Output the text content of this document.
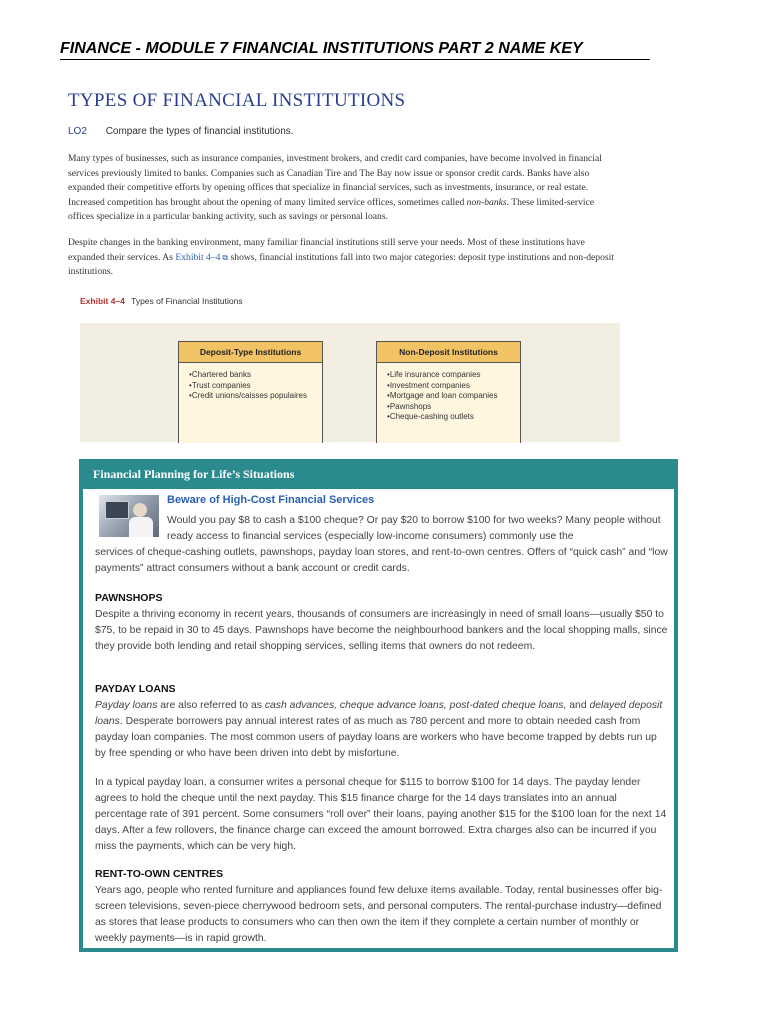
FINANCE - MODULE 7 FINANCIAL INSTITUTIONS PART 2 NAME KEY
TYPES OF FINANCIAL INSTITUTIONS
LO2 Compare the types of financial institutions.
Many types of businesses, such as insurance companies, investment brokers, and credit card companies, have become involved in financial services previously limited to banks. Companies such as Canadian Tire and The Bay now issue or sponsor credit cards. Banks have also expanded their competitive efforts by opening offices that specialize in financial services, such as investments, insurance, or real estate. Increased competition has brought about the opening of many limited service offices, sometimes called non-banks. These limited-service offices specialize in a particular banking activity, such as savings or personal loans.
Despite changes in the banking environment, many familiar financial institutions still serve your needs. Most of these institutions have expanded their services. As Exhibit 4–4 ⧉ shows, financial institutions fall into two major categories: deposit type institutions and non-deposit institutions.
Exhibit 4–4 Types of Financial Institutions
Deposit-Type Institutions
• Chartered banks
• Trust companies
• Credit unions/caisses populaires
Non-Deposit Institutions
• Life insurance companies
• Investment companies
• Mortgage and loan companies
• Pawnshops
• Cheque-cashing outlets
Financial Planning for Life’s Situations
Beware of High-Cost Financial Services
Would you pay $8 to cash a $100 cheque? Or pay $20 to borrow $100 for two weeks? Many people without ready access to financial services (especially low-income consumers) commonly use the
services of cheque-cashing outlets, pawnshops, payday loan stores, and rent-to-own centres. Offers of “quick cash” and “low payments” attract consumers without a bank account or credit cards.
PAWNSHOPS
Despite a thriving economy in recent years, thousands of consumers are increasingly in need of small loans—usually $50 to $75, to be repaid in 30 to 45 days. Pawnshops have become the neighbourhood bankers and the local shopping malls, since they provide both lending and retail shopping services, selling items that owners do not redeem.
PAYDAY LOANS
Payday loans are also referred to as cash advances, cheque advance loans, post-dated cheque loans, and delayed deposit loans. Desperate borrowers pay annual interest rates of as much as 780 percent and more to obtain needed cash from payday loan companies. The most common users of payday loans are workers who have become trapped by debts run up by free spending or who have been driven into debt by misfortune.
In a typical payday loan, a consumer writes a personal cheque for $115 to borrow $100 for 14 days. The payday lender agrees to hold the cheque until the next payday. This $15 finance charge for the 14 days translates into an annual percentage rate of 391 percent. Some consumers “roll over” their loans, paying another $15 for the $100 loan for the next 14 days. After a few rollovers, the finance charge can exceed the amount borrowed. Extra charges also can be incurred if you miss the payments, which can be very high.
RENT-TO-OWN CENTRES
Years ago, people who rented furniture and appliances found few deluxe items available. Today, rental businesses offer big-screen televisions, seven-piece cherrywood bedroom sets, and personal computers. The rental-purchase industry—defined as stores that lease products to consumers who can then own the item if they complete a certain number of monthly or weekly payments—is in rapid growth.
